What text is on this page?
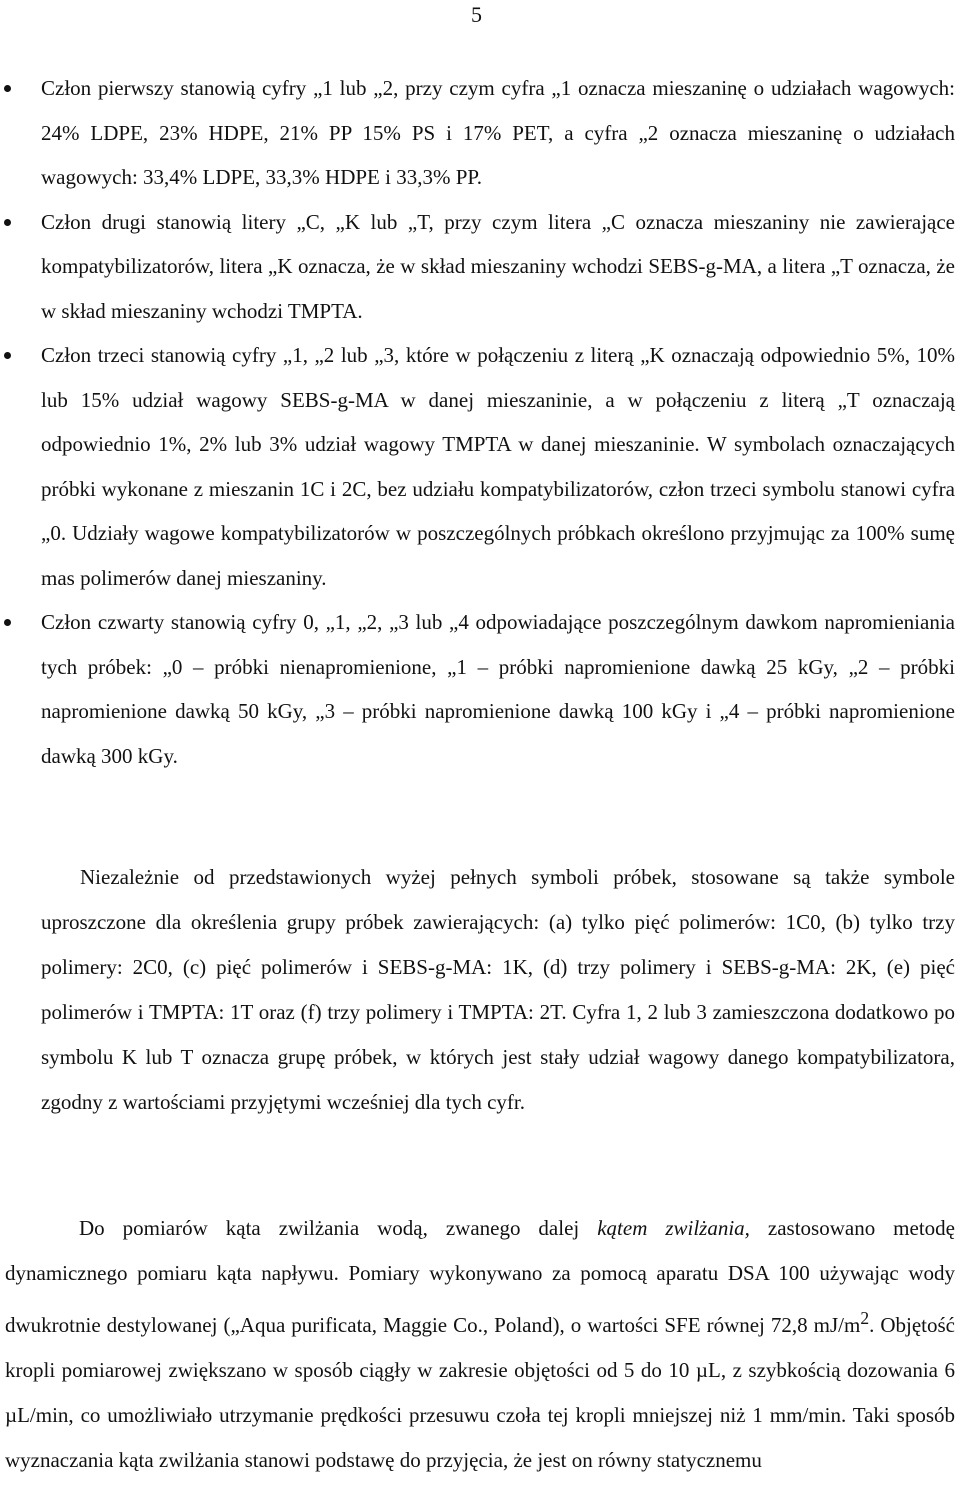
5
Człon pierwszy stanowią cyfry „1 lub „2, przy czym cyfra „1 oznacza mieszaninę o udziałach wagowych: 24% LDPE, 23% HDPE, 21% PP 15% PS i 17% PET, a cyfra „2 oznacza mieszaninę o udziałach wagowych: 33,4% LDPE, 33,3% HDPE i 33,3% PP.
Człon drugi stanowią litery „C, „K lub „T, przy czym litera „C oznacza mieszaniny nie zawierające kompatybilizatorów, litera „K oznacza, że w skład mieszaniny wchodzi SEBS-g-MA, a litera „T oznacza, że w skład mieszaniny wchodzi TMPTA.
Człon trzeci stanowią cyfry „1, „2 lub „3, które w połączeniu z literą „K oznaczają odpowiednio 5%, 10% lub 15% udział wagowy SEBS-g-MA w danej mieszaninie, a w połączeniu z literą „T oznaczają odpowiednio 1%, 2% lub 3% udział wagowy TMPTA w danej mieszaninie. W symbolach oznaczających próbki wykonane z mieszanin 1C i 2C, bez udziału kompatybilizatorów, człon trzeci symbolu stanowi cyfra „0. Udziały wagowe kompatybilizatorów w poszczególnych próbkach określono przyjmując za 100% sumę mas polimerów danej mieszaniny.
Człon czwarty stanowią cyfry 0, „1, „2, „3 lub „4 odpowiadające poszczególnym dawkom napromieniania tych próbek: „0 – próbki nienapromienione, „1 – próbki napromienione dawką 25 kGy, „2 – próbki napromienione dawką 50 kGy, „3 – próbki napromienione dawką 100 kGy i „4 – próbki napromienione dawką 300 kGy.

Niezależnie od przedstawionych wyżej pełnych symboli próbek, stosowane są także symbole uproszczone dla określenia grupy próbek zawierających: (a) tylko pięć polimerów: 1C0, (b) tylko trzy polimery: 2C0, (c) pięć polimerów i SEBS-g-MA: 1K, (d) trzy polimery i SEBS-g-MA: 2K, (e) pięć polimerów i TMPTA: 1T oraz (f) trzy polimery i TMPTA: 2T. Cyfra 1, 2 lub 3 zamieszczona dodatkowo po symbolu K lub T oznacza grupę próbek, w których jest stały udział wagowy danego kompatybilizatora, zgodny z wartościami przyjętymi wcześniej dla tych cyfr.

Do pomiarów kąta zwilżania wodą, zwanego dalej kątem zwilżania, zastosowano metodę dynamicznego pomiaru kąta napływu. Pomiary wykonywano za pomocą aparatu DSA 100 używając wody dwukrotnie destylowanej („Aqua purificata, Maggie Co., Poland), o wartości SFE równej 72,8 $mJ/m^2$. Objętość kropli pomiarowej zwiększano w sposób ciągły w zakresie objętości od 5 do 10 µL, z szybkością dozowania 6 µL/min, co umożliwiało utrzymanie prędkości przesuwu czoła tej kropli mniejszej niż 1 mm/min. Taki sposób wyznaczania kąta zwilżania stanowi podstawę do przyjęcia, że jest on równy statycznemu
